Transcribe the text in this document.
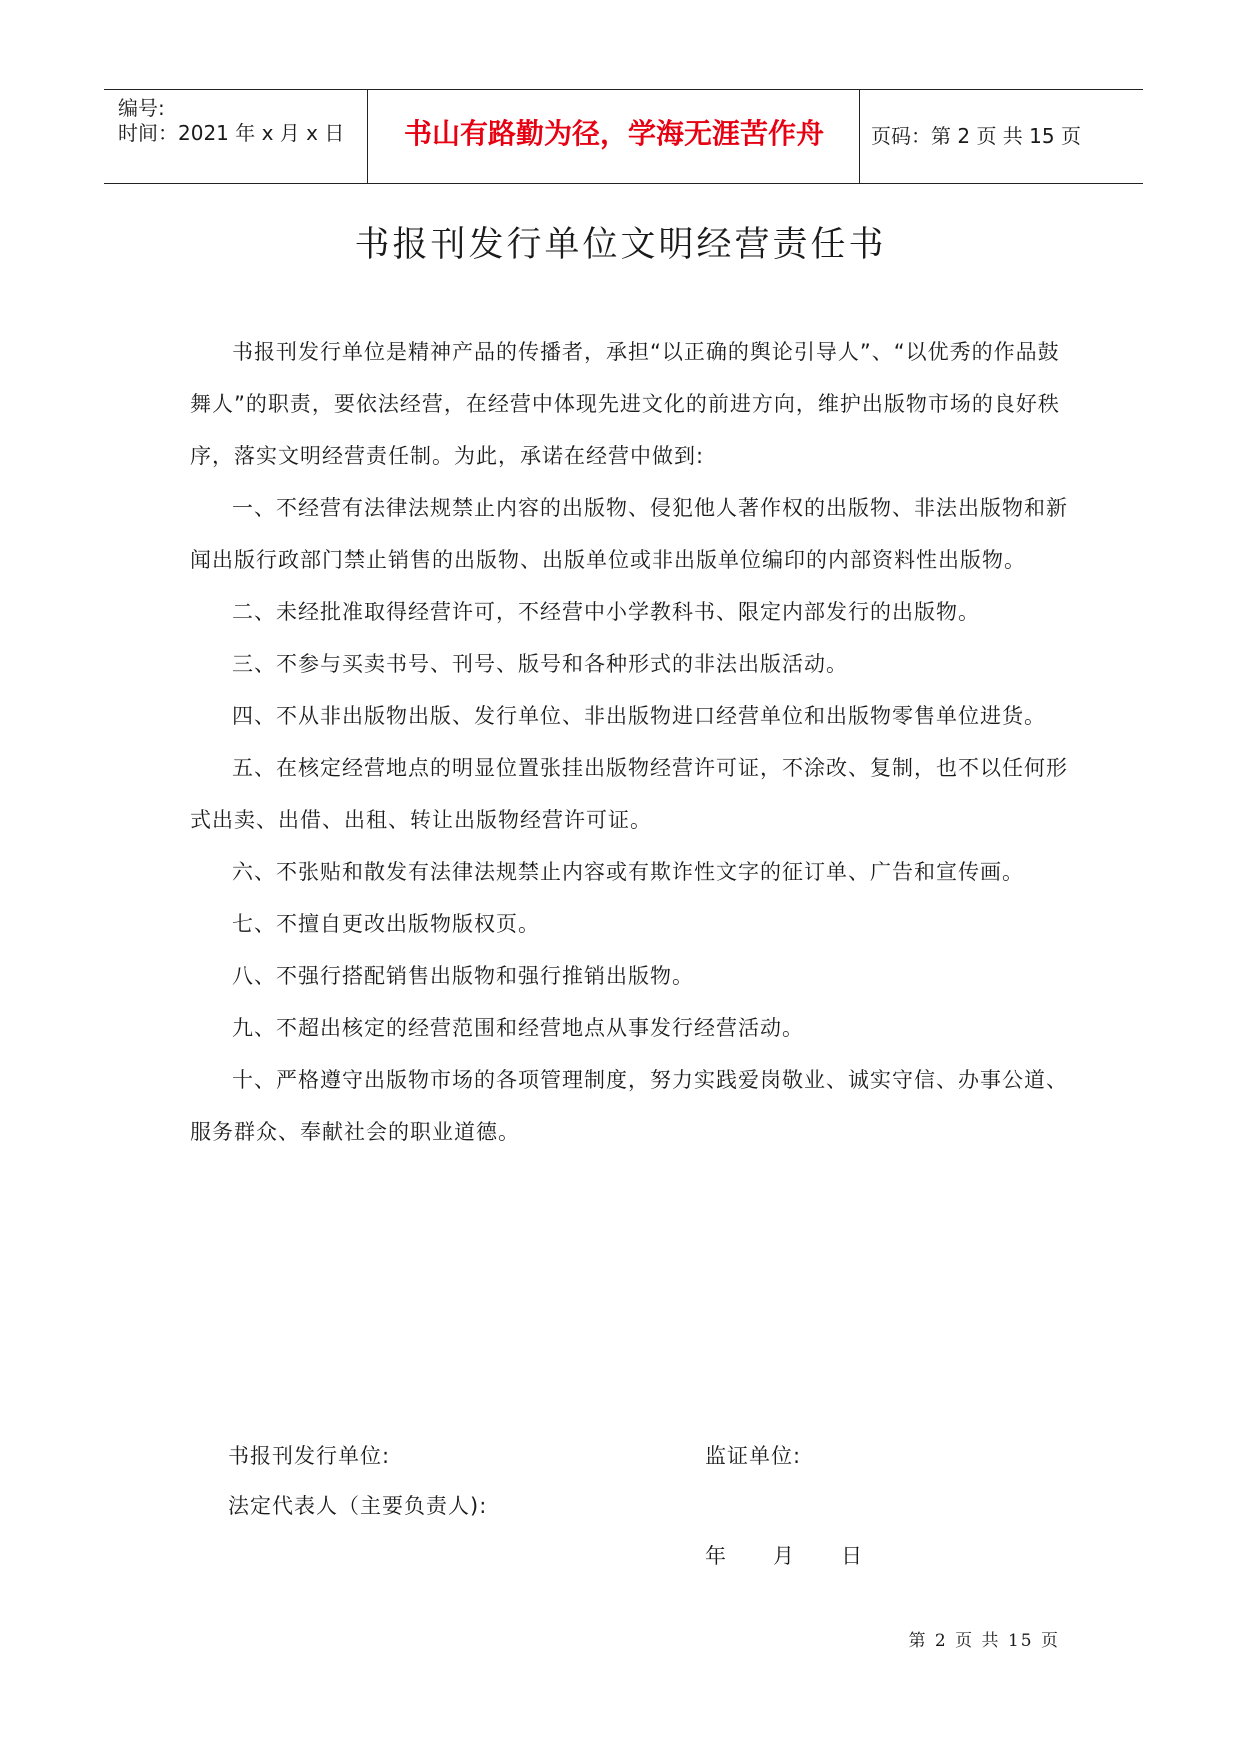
编号:
时间：2021 年 x 月 x 日	书山有路勤为径，学海无涯苦作舟	页码：第 2 页 共 15 页
书报刊发行单位文明经营责任书

书报刊发行单位是精神产品的传播者，承担“以正确的舆论引导人”、“以优秀的作品鼓舞人”的职责，要依法经营，在经营中体现先进文化的前进方向，维护出版物市场的良好秩序，落实文明经营责任制。为此，承诺在经营中做到:

一、不经营有法律法规禁止内容的出版物、侵犯他人著作权的出版物、非法出版物和新闻出版行政部门禁止销售的出版物、出版单位或非出版单位编印的内部资料性出版物。

二、未经批准取得经营许可，不经营中小学教科书、限定内部发行的出版物。

三、不参与买卖书号、刊号、版号和各种形式的非法出版活动。

四、不从非出版物出版、发行单位、非出版物进口经营单位和出版物零售单位进货。

五、在核定经营地点的明显位置张挂出版物经营许可证，不涂改、复制，也不以任何形式出卖、出借、出租、转让出版物经营许可证。

六、不张贴和散发有法律法规禁止内容或有欺诈性文字的征订单、广告和宣传画。

七、不擅自更改出版物版权页。

八、不强行搭配销售出版物和强行推销出版物。

九、不超出核定的经营范围和经营地点从事发行经营活动。

十、严格遵守出版物市场的各项管理制度，努力实践爱岗敬业、诚实守信、办事公道、服务群众、奉献社会的职业道德。

书报刊发行单位:	监证单位:
法定代表人（主要负责人):
年      月      日
第 2 页 共 15 页
